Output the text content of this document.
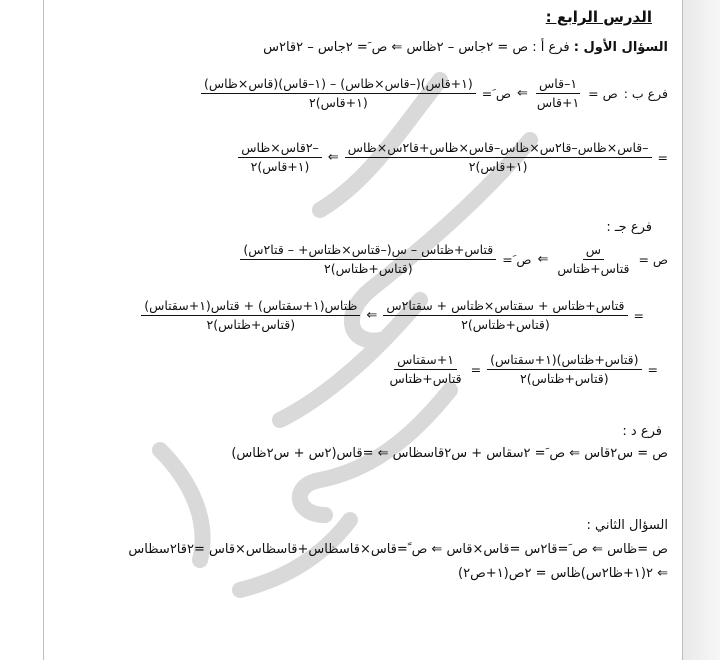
الدرس الرابع :
السؤال الأول : فرع أ : ص = ٢جاس – ٢ظاس ⇐ ص َ= ٢جاس – ٢قا٢س
فرع ب :
ص =
$\frac{\text{١–قاس}}{\text{١+قاس}}$
⇐
ص َ=
$\frac{\text{(١+قاس)(–قاس×ظاس) – (١–قاس)(قاس×ظاس)}}{\text{(١+قاس)٢}}$
=
$\frac{\text{–قاس×ظاس–قا٢س×ظاس–قاس×ظاس+قا٢س×ظاس}}{\text{(١+قاس)٢}}$
⇐
$\frac{\text{–٢قاس×ظاس}}{\text{(١+قاس)٢}}$
فرع جـ :
ص =
$\frac{\text{س}}{\text{قتاس+ظتاس}}$
⇐
ص َ=
$\frac{\text{قتاس+ظتاس – س(–قتاس×ظتاس+ – قتا٢س)}}{\text{(قتاس+ظتاس)٢}}$
=
$\frac{\text{قتاس+ظتاس + سقتاس×ظتاس + سقتا٢س}}{\text{(قتاس+ظتاس)٢}}$
⇐
$\frac{\text{ظتاس(١+سقتاس) + قتاس(١+سقتاس)}}{\text{(قتاس+ظتاس)٢}}$
=
$\frac{\text{(قتاس+ظتاس)(١+سقتاس)}}{\text{(قتاس+ظتاس)٢}}$
=
$\frac{\text{١+سقتاس}}{\text{قتاس+ظتاس}}$
فرع د :
ص = س٢قاس ⇐ ص َ= ٢سقاس + س٢قاسظاس ⇐ =قاس(٢س + س٢ظاس)
السؤال الثاني :
ص =ظاس ⇐ ص َ=قا٢س =قاس×قاس ⇐ ص ً=قاس×قاسظاس+قاسظاس×قاس =٢قا٢سظاس
⇐ ٢(١+ظا٢س)ظاس = ٢ص(١+ص٢)
